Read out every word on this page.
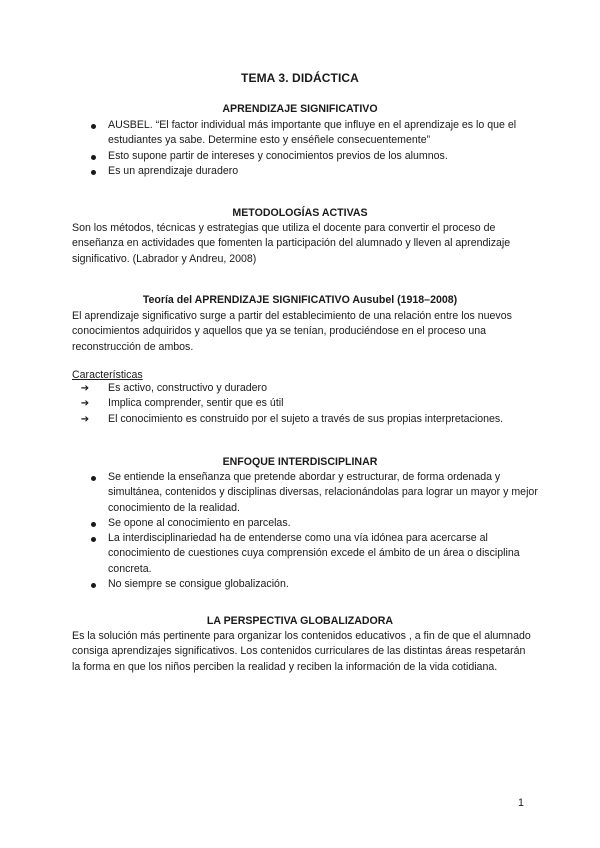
TEMA 3. DIDÁCTICA
APRENDIZAJE SIGNIFICATIVO
AUSBEL. “El factor individual más importante que influye en el aprendizaje es lo que el estudiantes ya sabe. Determine esto y enséñele consecuentemente”
Esto supone partir de intereses y conocimientos previos de los alumnos.
Es un aprendizaje duradero
METODOLOGÍAS ACTIVAS
Son los métodos, técnicas y estrategias que utiliza el docente para convertir el proceso de enseñanza en actividades que fomenten la participación del alumnado y lleven al aprendizaje significativo. (Labrador y Andreu, 2008)
Teoría del APRENDIZAJE SIGNIFICATIVO Ausubel (1918–2008)
El aprendizaje significativo surge a partir del establecimiento de una relación entre los nuevos conocimientos adquiridos y aquellos que ya se tenían, produciéndose en el proceso una reconstrucción de ambos.
Características
➔ Es activo, constructivo y duradero
➔ Implica comprender, sentir que es útil
➔ El conocimiento es construido por el sujeto a través de sus propias interpretaciones.
ENFOQUE INTERDISCIPLINAR
Se entiende la enseñanza que pretende abordar y estructurar, de forma ordenada y simultánea, contenidos y disciplinas diversas, relacionándolas para lograr un mayor y mejor conocimiento de la realidad.
Se opone al conocimiento en parcelas.
La interdisciplinariedad ha de entenderse como una vía idónea para acercarse al conocimiento de cuestiones cuya comprensión excede el ámbito de un área o disciplina concreta.
No siempre se consigue globalización.
LA PERSPECTIVA GLOBALIZADORA
Es la solución más pertinente para organizar los contenidos educativos , a fin de que el alumnado consiga aprendizajes significativos. Los contenidos curriculares de las distintas áreas respetarán la forma en que los niños perciben la realidad y reciben la información de la vida cotidiana.
1
